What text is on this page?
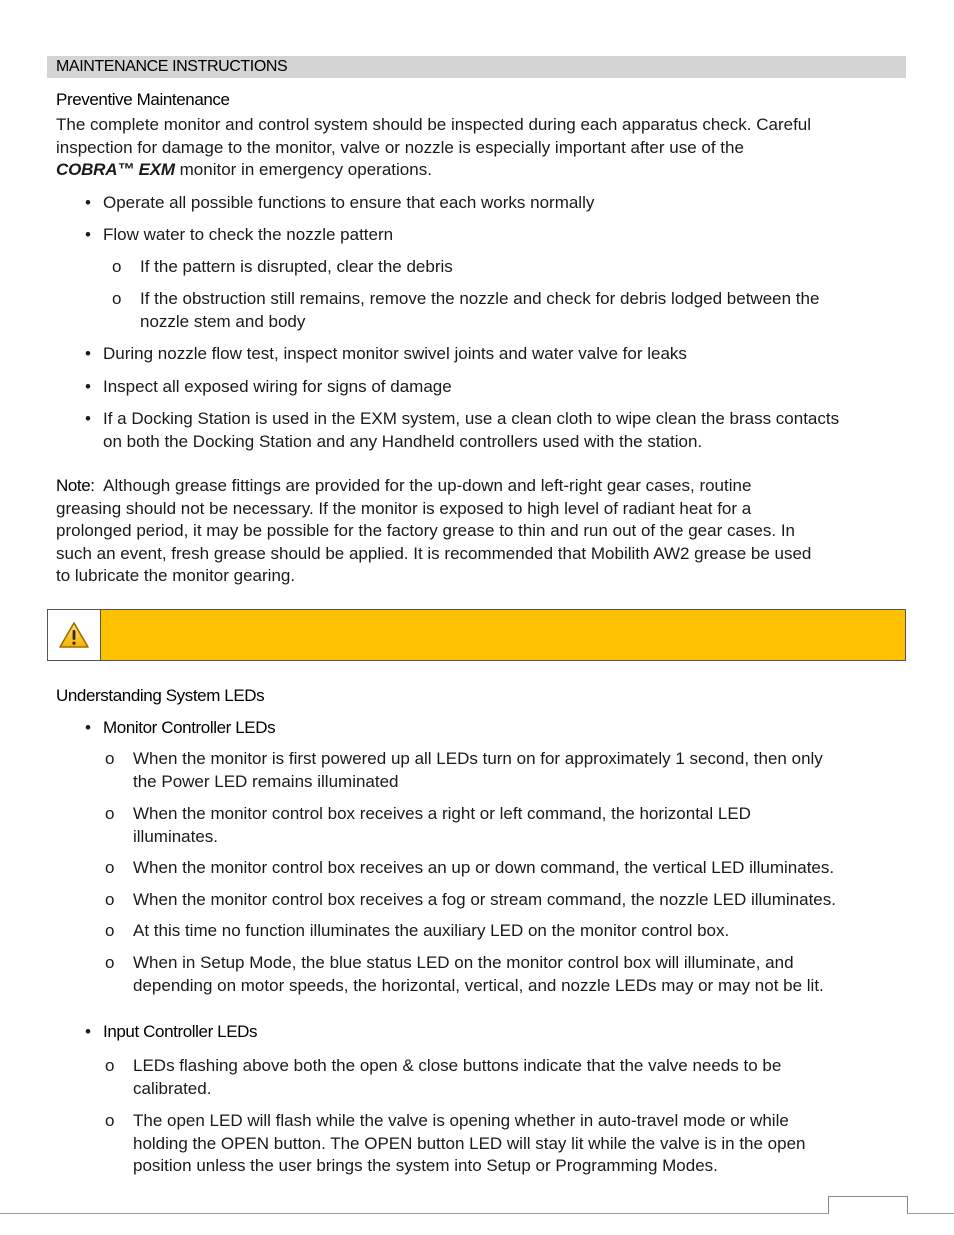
MAINTENANCE INSTRUCTIONS
Preventive Maintenance
The complete monitor and control system should be inspected during each apparatus check. Careful
inspection for damage to the monitor, valve or nozzle is especially important after use of the
COBRA™ EXM monitor in emergency operations.
• Operate all possible functions to ensure that each works normally
• Flow water to check the nozzle pattern
o	If the pattern is disrupted, clear the debris
o	If the obstruction still remains, remove the nozzle and check for debris lodged between the
nozzle stem and body
• During nozzle flow test, inspect monitor swivel joints and water valve for leaks
• Inspect all exposed wiring for signs of damage
• If a Docking Station is used in the EXM system, use a clean cloth to wipe clean the brass contacts
on both the Docking Station and any Handheld controllers used with the station.
Note:  Although grease fittings are provided for the up-down and left-right gear cases, routine
greasing should not be necessary. If the monitor is exposed to high level of radiant heat for a
prolonged period, it may be possible for the factory grease to thin and run out of the gear cases. In
such an event, fresh grease should be applied. It is recommended that Mobilith AW2 grease be used
to lubricate the monitor gearing.
Understanding System LEDs
• Monitor Controller LEDs
o	When the monitor is first powered up all LEDs turn on for approximately 1 second, then only
the Power LED remains illuminated
o	When the monitor control box receives a right or left command, the horizontal LED
illuminates.
o	When the monitor control box receives an up or down command, the vertical LED illuminates.
o	When the monitor control box receives a fog or stream command, the nozzle LED illuminates.
o	At this time no function illuminates the auxiliary LED on the monitor control box.
o	When in Setup Mode, the blue status LED on the monitor control box will illuminate, and
depending on motor speeds, the horizontal, vertical, and nozzle LEDs may or may not be lit.
• Input Controller LEDs
o	LEDs flashing above both the open & close buttons indicate that the valve needs to be
calibrated.
o	The open LED will flash while the valve is opening whether in auto-travel mode or while
holding the OPEN button. The OPEN button LED will stay lit while the valve is in the open
position unless the user brings the system into Setup or Programming Modes.
